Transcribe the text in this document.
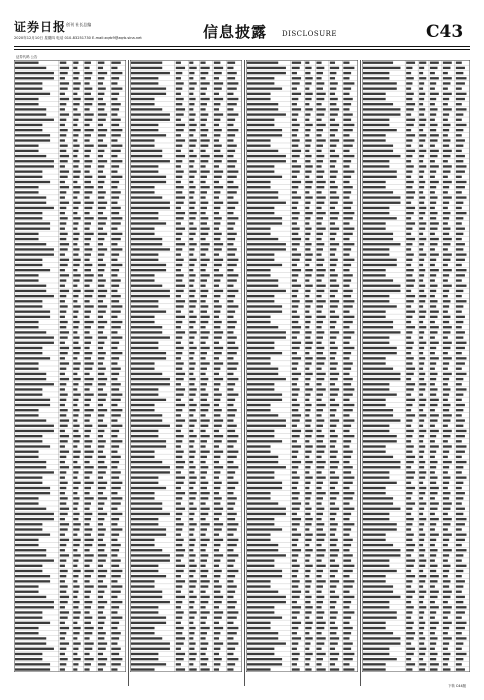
证券日报 创刊 社长总编
2020年12月10日 星期四 电话 010-83251730 E-mail:zqrb9@zqrb.sina.net	信息披露 DISCLOSURE	C43
证券代码 公告
下转 C44版
